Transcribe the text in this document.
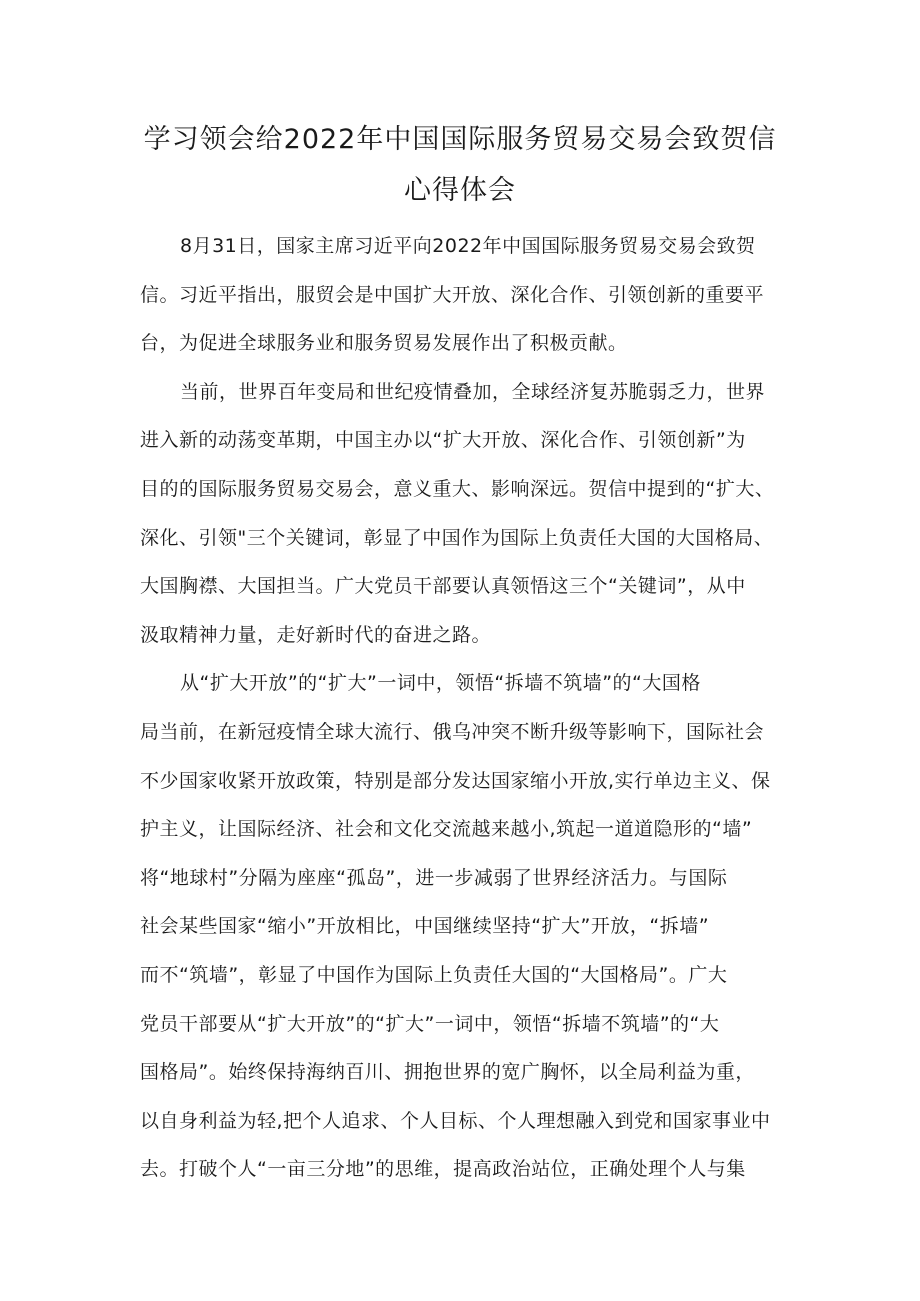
学习领会给2022年中国国际服务贸易交易会致贺信
心得体会
8月31日，国家主席习近平向2022年中国国际服务贸易交易会致贺
信。习近平指出，服贸会是中国扩大开放、深化合作、引领创新的重要平
台，为促进全球服务业和服务贸易发展作出了积极贡献。
当前，世界百年变局和世纪疫情叠加，全球经济复苏脆弱乏力，世界
进入新的动荡变革期，中国主办以“扩大开放、深化合作、引领创新”为
目的的国际服务贸易交易会，意义重大、影响深远。贺信中提到的“扩大、
深化、引领"三个关键词，彰显了中国作为国际上负责任大国的大国格局、
大国胸襟、大国担当。广大党员干部要认真领悟这三个“关键词”，从中
汲取精神力量，走好新时代的奋进之路。
从“扩大开放”的“扩大”一词中，领悟“拆墙不筑墙”的“大国格
局当前，在新冠疫情全球大流行、俄乌冲突不断升级等影响下，国际社会
不少国家收紧开放政策，特别是部分发达国家缩小开放,实行单边主义、保
护主义，让国际经济、社会和文化交流越来越小,筑起一道道隐形的“墙”
将“地球村”分隔为座座“孤岛”，进一步减弱了世界经济活力。与国际
社会某些国家“缩小”开放相比，中国继续坚持“扩大”开放，“拆墙”
而不“筑墙”，彰显了中国作为国际上负责任大国的“大国格局”。广大
党员干部要从“扩大开放”的“扩大”一词中，领悟“拆墙不筑墙”的“大
国格局”。始终保持海纳百川、拥抱世界的宽广胸怀，以全局利益为重，
以自身利益为轻,把个人追求、个人目标、个人理想融入到党和国家事业中
去。打破个人“一亩三分地”的思维，提高政治站位，正确处理个人与集
